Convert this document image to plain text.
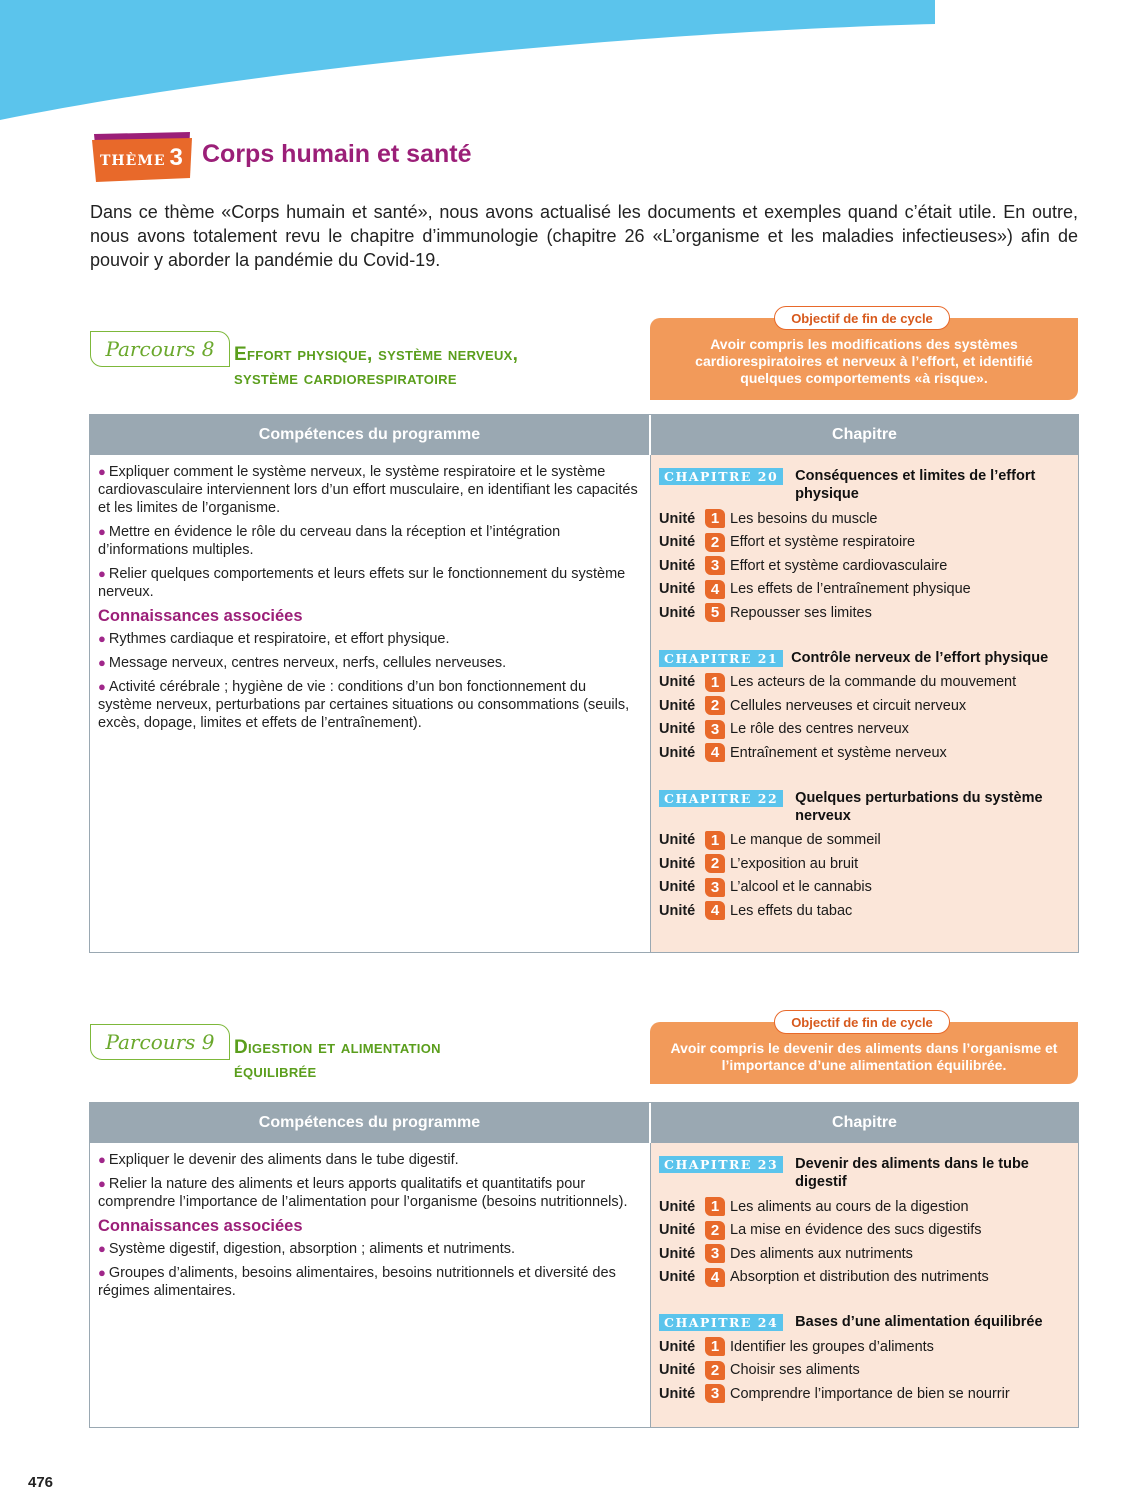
THÈME 3 Corps humain et santé

Dans ce thème «Corps humain et santé», nous avons actualisé les documents et exemples quand c’était utile. En outre, nous avons totalement revu le chapitre d’immunologie (chapitre 26 «L’organisme et les maladies infectieuses») afin de pouvoir y aborder la pandémie du Covid-19.

Parcours 8	Effort physique, système nerveux,
système cardiorespiratoire
Objectif de fin de cycle
Avoir compris les modifications des systèmes cardiorespiratoires et nerveux à l’effort, et identifié quelques comportements «à risque».
Compétences du programme	Chapitre

● Expliquer comment le système nerveux, le système respiratoire et le système cardiovasculaire interviennent lors d’un effort musculaire, en identifiant les capacités et les limites de l’organisme.

● Mettre en évidence le rôle du cerveau dans la réception et l’intégration d’informations multiples.

● Relier quelques comportements et leurs effets sur le fonctionnement du système nerveux.

Connaissances associées

● Rythmes cardiaque et respiratoire, et effort physique.

● Message nerveux, centres nerveux, nerfs, cellules nerveuses.

● Activité cérébrale ; hygiène de vie : conditions d’un bon fonctionnement du système nerveux, perturbations par certaines situations ou consommations (seuils, excès, dopage, limites et effets de l’entraînement).

CHAPITRE 20	Conséquences et limites de l’effort physique
Unité	1 Les besoins du muscle
Unité	2 Effort et système respiratoire
Unité	3 Effort et système cardiovasculaire
Unité	4 Les effets de l’entraînement physique
Unité	5 Repousser ses limites
CHAPITRE 21 Contrôle nerveux de l’effort physique
Unité	1 Les acteurs de la commande du mouvement
Unité	2 Cellules nerveuses et circuit nerveux
Unité	3 Le rôle des centres nerveux
Unité	4 Entraînement et système nerveux
CHAPITRE 22	Quelques perturbations du système nerveux
Unité	1 Le manque de sommeil
Unité	2 L’exposition au bruit
Unité	3 L’alcool et le cannabis
Unité	4 Les effets du tabac
Parcours 9	Digestion et alimentation
équilibrée
Objectif de fin de cycle
Avoir compris le devenir des aliments dans l’organisme et l’importance d’une alimentation équilibrée.
Compétences du programme	Chapitre

● Expliquer le devenir des aliments dans le tube digestif.

● Relier la nature des aliments et leurs apports qualitatifs et quantitatifs pour comprendre l’importance de l’alimentation pour l’organisme (besoins nutritionnels).

Connaissances associées

● Système digestif, digestion, absorption ; aliments et nutriments.

● Groupes d’aliments, besoins alimentaires, besoins nutritionnels et diversité des régimes alimentaires.

CHAPITRE 23	Devenir des aliments dans le tube digestif
Unité	1 Les aliments au cours de la digestion
Unité	2 La mise en évidence des sucs digestifs
Unité	3 Des aliments aux nutriments
Unité	4 Absorption et distribution des nutriments
CHAPITRE 24	Bases d’une alimentation équilibrée
Unité	1 Identifier les groupes d’aliments
Unité	2 Choisir ses aliments
Unité	3 Comprendre l’importance de bien se nourrir
476
